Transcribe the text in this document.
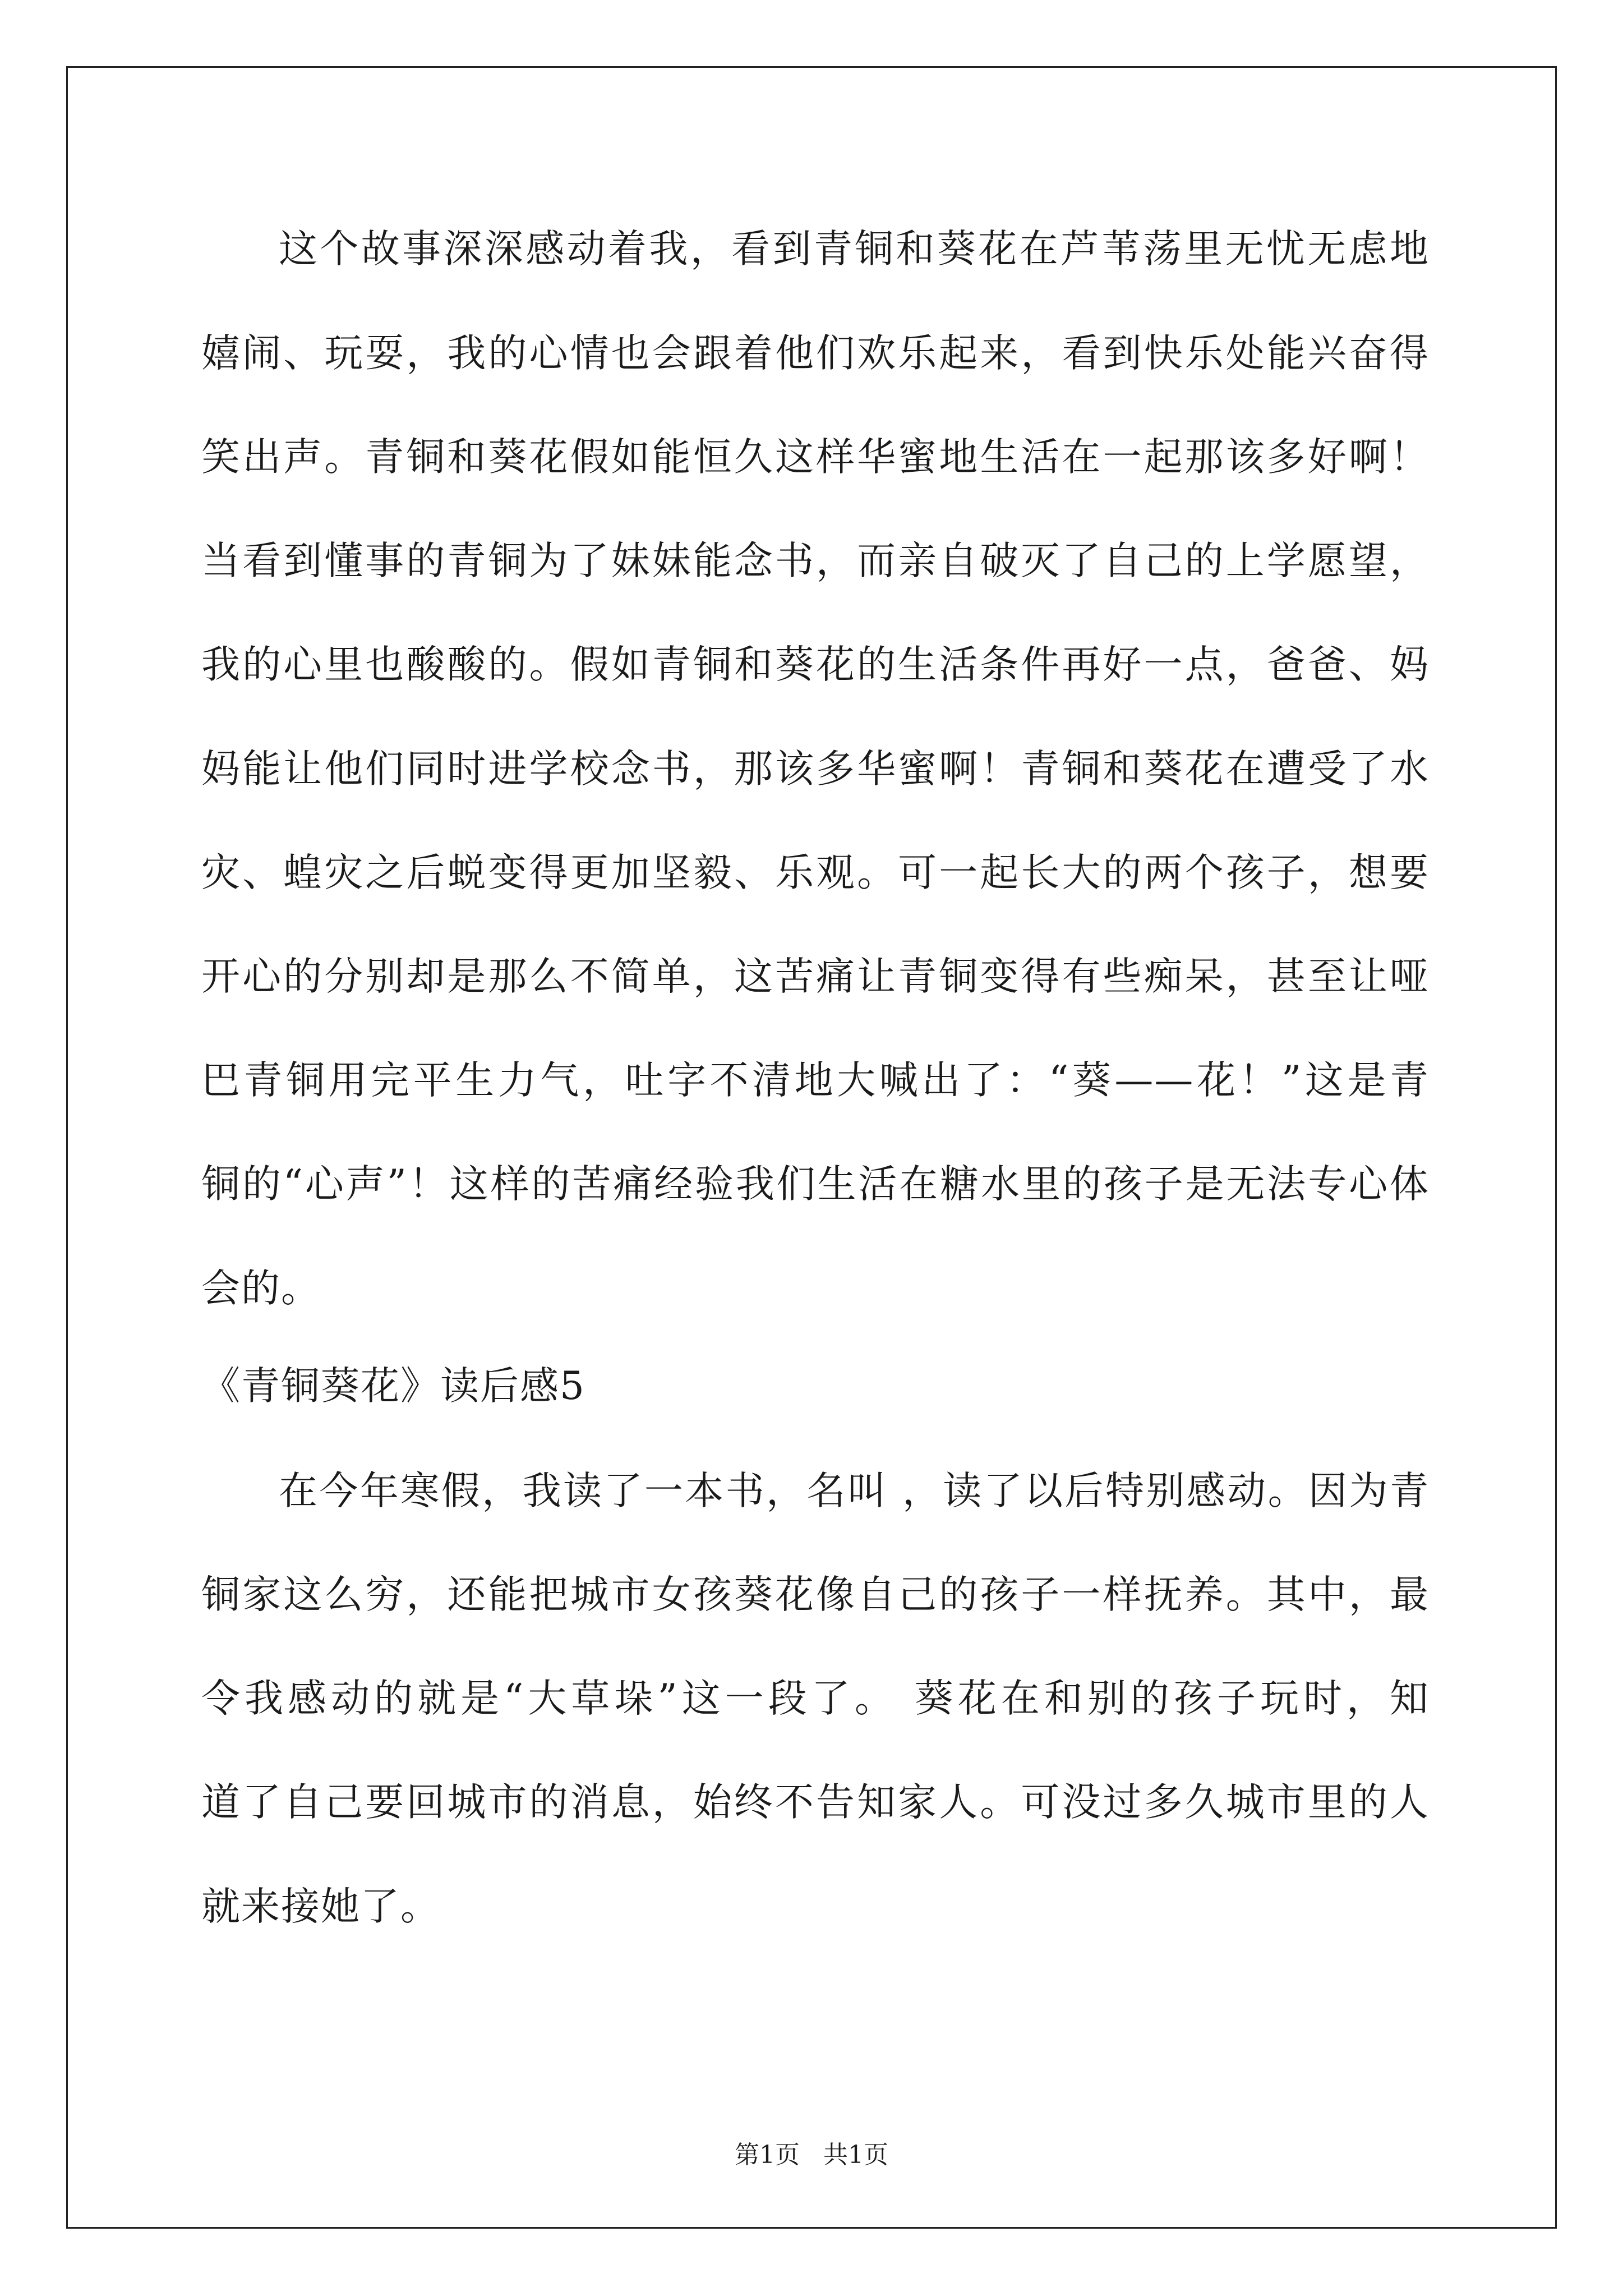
这个故事深深感动着我，看到青铜和葵花在芦苇荡里无忧无虑地
嬉闹、玩耍，我的心情也会跟着他们欢乐起来，看到快乐处能兴奋得
笑出声。青铜和葵花假如能恒久这样华蜜地生活在一起那该多好啊！
当看到懂事的青铜为了妹妹能念书，而亲自破灭了自己的上学愿望，
我的心里也酸酸的。假如青铜和葵花的生活条件再好一点，爸爸、妈
妈能让他们同时进学校念书，那该多华蜜啊！青铜和葵花在遭受了水
灾、蝗灾之后蜕变得更加坚毅、乐观。可一起长大的两个孩子，想要
开心的分别却是那么不简单，这苦痛让青铜变得有些痴呆，甚至让哑
巴青铜用完平生力气，吐字不清地大喊出了：“葵——花！”这是青
铜的“心声”！这样的苦痛经验我们生活在糖水里的孩子是无法专心体
会的。
《青铜葵花》读后感5
在今年寒假，我读了一本书，名叫 ，读了以后特别感动。因为青
铜家这么穷，还能把城市女孩葵花像自己的孩子一样抚养。其中，最
令我感动的就是“大草垛”这一段了。 葵花在和别的孩子玩时，知
道了自己要回城市的消息，始终不告知家人。可没过多久城市里的人
就来接她了。
第1页   共1页
